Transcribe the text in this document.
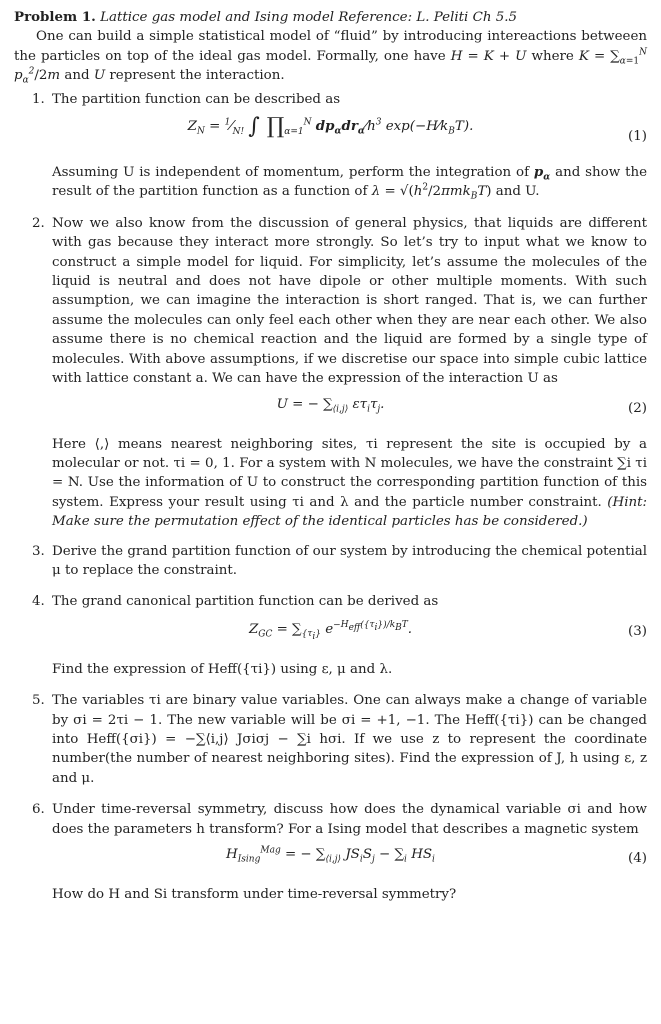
Problem 1. Lattice gas model and Ising model Reference: L. Peliti Ch 5.5

One can build a simple statistical model of “fluid” by introducing intereactions betweeen the particles on top of the ideal gas model. Formally, one have H = K + U where $K = \sum_{\alpha=1}^N$ $p_\alpha^2/2m$ and U represent the interaction.

1. The partition function can be described as
$Z_N$ = $^1⁄_{N!}$ ∫ $\prod_{\alpha=1}^N$ $dp_\alpha dr_\alpha⁄h^3$ $\exp(-H⁄k_BT)$.
(1)
Assuming U is independent of momentum, perform the integration of $p_\alpha$ and show the result of the partition function as a function of $\lambda = √(h^2/2\pi mk_BT)$ and U.
2. Now we also know from the discussion of general physics, that liquids are different with gas because they interact more strongly. So let’s try to input what we know to construct a simple model for liquid. For simplicity, let’s assume the molecules of the liquid is neutral and does not have dipole or other multiple moments. With such assumption, we can imagine the interaction is short ranged. That is, we can further assume the molecules can only feel each other when they are near each other. We also assume there is no chemical reaction and the liquid are formed by a single type of molecules. With above assumptions, if we discretise our space into simple cubic lattice with lattice constant a. We can have the expression of the interaction U as
U = − $\sum_{⟨i,j⟩}$ $\varepsilon\tau_i\tau_j$.	(2)
Here ⟨,⟩ means nearest neighboring sites, τi represent the site is occupied by a molecular or not. τi = 0, 1. For a system with N molecules, we have the constraint ∑i τi = N. Use the information of U to construct the corresponding partition function of this system. Express your result using τi and λ and the particle number constraint. (Hint: Make sure the permutation effect of the identical particles has be considered.)
3. Derive the grand partition function of our system by introducing the chemical potential μ to replace the constraint.
4. The grand canonical partition function can be derived as
$Z_{GC} = \sum_{\{\tau_i\}}$ $e^{-H_{eff}(\{\tau_i\})/k_BT}$.	(3)
Find the expression of Heff({τi}) using ε, μ and λ.
5. The variables τi are binary value variables. One can always make a change of variable by σi = 2τi − 1. The new variable will be σi = +1, −1. The Heff({τi}) can be changed into Heff({σi}) = −∑⟨i,j⟩ Jσiσj − ∑i hσi. If we use z to represent the coordinate number(the number of nearest neighboring sites). Find the expression of J, h using ε, z and μ.
6. Under time-reversal symmetry, discuss how does the dynamical variable σi and how does the parameters h transform? For a Ising model that describes a magnetic system
$H_{Ising}^{Mag}$ = − $\sum_{⟨i,j⟩}$ $JS_iS_j - \sum_i$ $HS_i$	(4)
How do H and Si transform under time-reversal symmetry?
